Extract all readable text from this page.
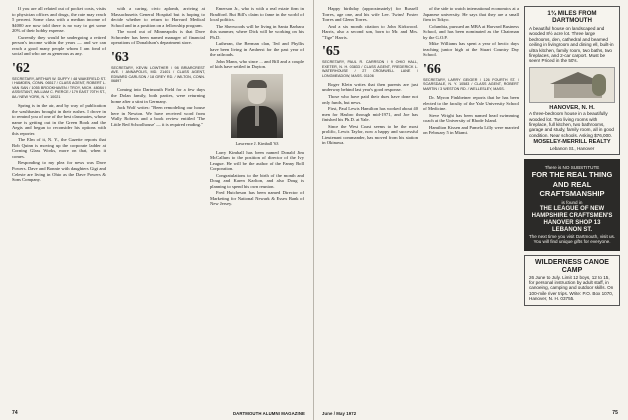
If you are all related out of pocket costs, visits to physician offices and drugs, the rate may reach 5 percent. Some class with a median income of $4000 are now told there is no way to get some 20% of their hobby expense.

Currently they would be undergoing a retired person's income within the years — and we can reach a good many people whom I am fond of social and who are as generous as any.

'62 SECRETARY, ARTHUR W. DUFFY / 48 WAKEFIELD ST. / HAMDEN, CONN. 06517 / CLASS AGENT, ROBERT L. VAN SAN / 1055 BROOKHAVEN / TROY, MICH. 48084 / ASSISTANT, WILLIAM C. PIERCE / 179 EAST 70TH ST., 8A / NEW YORK, N. Y. 10021

Spring is in the air, and by way of publication the washbasins brought in their rushes. I drove in to remind you of one of the best classmates, whose name is getting out in the Green Book and the Aegis and begun to reconsider his options with this reporter.

The Elm of it, N. Y., the Gazette reports that Bob Quinn is moving up the corporate ladder at Corning Glass Works, more on that, when it comes.

Responding to my plea for news was Dave Powers. Dave and Bonnie with daughters Gigi and Celeste are living in Ohio as the Dave Powers & Sons Company.

with a caring, civic aplomb, arriving at Massachusetts General Hospital but is hoping to decide whether to return to Harvard Medical School and in a position on a fellowship program.

The word out of Minneapolis is that Dave Schroeder has been named manager of financial operations of Donaldson's department store.

'63 SECRETARY, KEVIN LOWTHER / 98 BRIARCREST AVE. / ANNAPOLIS, MD. 21401 / CLASS AGENT, EDWARD CARLSON / 18 GREY RD. / WILTON, CONN. 06897

Coming into Dartmouth Field for a few days the Dolan family, both parties, were returning home after a stint in Germany.

Jack Wolf writes: "Been remodeling our house here in Newton. We have received word from Wally Roberts and a book review entitled 'The Little Red Schoolhouse' — it is required reading."

Emerson Jr., who is with a real estate firm in Bradford. But Bill's claim to fame in the world of local politics.

The Sherwoods will be living in Santa Barbara this summer, where Dick will be working on his Ph.D.

Lutheran, the Berman clan, Ted and Phyllis have been living in Amherst for the past year of the railroads.

John Mann, who since ... and Bill and a couple of kids have settled in Dayton.

Lawrence J. Kimball '63

Larry Kimball has been named Donald Jim McCallum to the position of director of the Ivy League. He will be the author of the Fanny Boll Corporation.

Congratulations to the birth of the month and Doug and Karen Karlton, and also Doug is planning to spend his own reunion.

Fred Hutcheson has been named Director of Marketing for National Newark & Essex Bank of New Jersey.

74	DARTMOUTH ALUMNI MAGAZINE

Happy birthday (approximately) for Russell Torres, age one, and his wife Lee. Twins! Foster Torres and Glenn Torres.

And a six month citation to John Kirkwood. Harris, also a second son, born to Mr. and Mrs. "Tige" Harris.

'65 SECRETARY, PAUL R. CARRSON / 9 OHIO HALL, EXETER, N. H. 03833 / CLASS AGENT, FREDERICK L. WATERHOUSE / 27 CROMWELL LANE / LONGMEADOW, MASS. 01106

Roger Klein writes that then parents are just underway behind last year's good response.

Those who have paid their dues have done not only funds, but news.

First, Paul Lewis Hamilton has worked about 40 men for Hasbro through mid-1971, and Joe has finished his Ph.D. at Yale.

Since the West Coast seems to be the most prolific, Lewis Taylor, now a happy and successful Lieutenant commander, has moved from his station in Okinawa.

of the side to watch international economics at a Japanese university. He says that they are a small firm in Tokyo.

Columbia, pursued an MBA at Harvard Business School, and has been nominated as the Chairman by the G.O.P.

Mike Williams has spent a year of hectic days teaching junior high at the Stuart Country Day School.

'66 SECRETARY, LARRY GEIGER / 126 FOURTH ST. / SCARSDALE, N. Y. 10583 / CLASS AGENT, ROBERT MARTIN / 3 WESTON RD. / WELLESLEY, MASS.

Dr. Myron Finkbeiner reports that he has been elected to the faculty of the Yale University School of Medicine.

Steve Wright has been named head swimming coach at the University of Rhode Island.

Hamilton Kissen and Pamela Lilly were married on February 5 in Miami.

1¾ MILES FROM DARTMOUTH
A beautiful house on landscaped and wooded 8½ acre lot. Three large bedrooms, den, cathedral and beamed ceiling in livingroom and dining ell, built-in ultra kitchen, family room, two baths, two fireplaces, and 2-car carport. Must be seen! Priced in the 50's.
HANOVER, N. H.
A three-bedroom house in a beautifully wooded lot. Two living rooms with fireplace, full kitchen, two bathrooms, garage and study, family room, all in good condition. Near schools. Asking $76,000.
MOSELEY-MERRILL REALTY
Lebanon St., Hanover
There is NO SUBSTITUTE
FOR THE REAL THING
AND REAL CRAFTSMANSHIP
is found in
THE LEAGUE OF NEW HAMPSHIRE CRAFTSMEN'S
HANOVER SHOP 13 LEBANON ST.
The next time you visit Dartmouth, visit us. You will find unique gifts for everyone.
WILDERNESS CANOE CAMP
26 June to July. Limit 12 boys, 12 to 15, for personal instruction by adult staff, in canoeing, camping and outdoor skills. On 100-mile river trips. Write: P.O. Box 1070, Hanover, N. H. 03755.
June / May 1972	75
